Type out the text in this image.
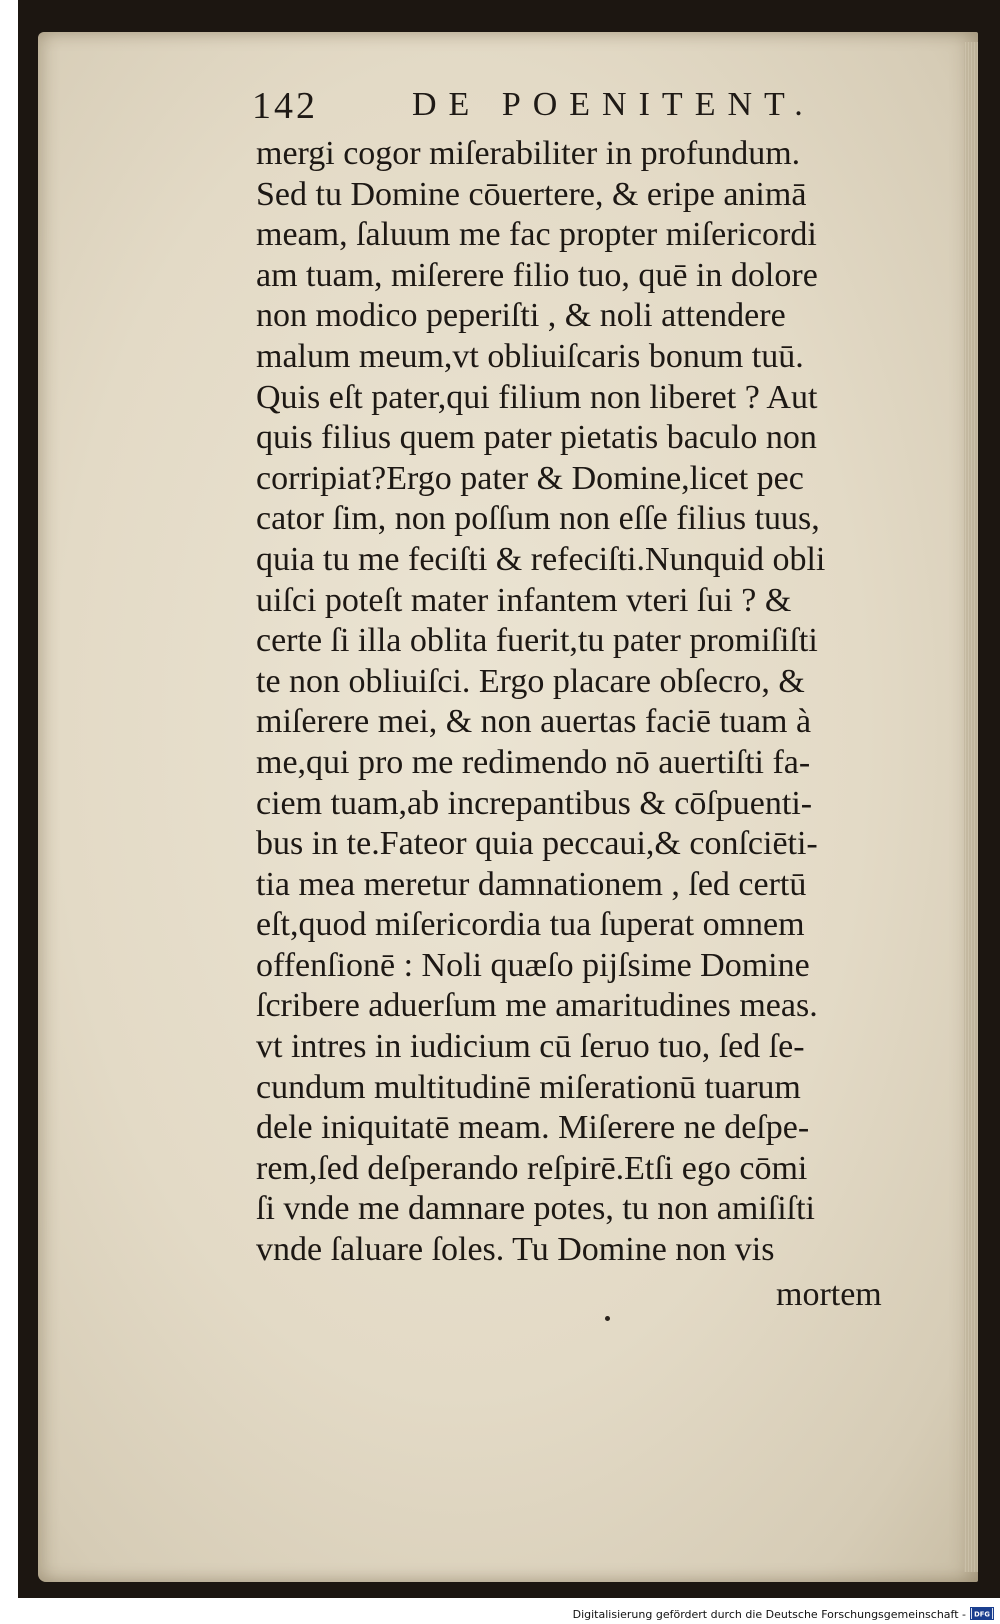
142	DE POENITENT.
mergi cogor miſerabiliter in profundum.
Sed tu Domine cōuertere, & eripe animā
meam, ſaluum me fac propter miſericordi
am tuam, miſerere filio tuo, quē in dolore
non modico peperiſti , & noli attendere
malum meum,vt obliuiſcaris bonum tuū.
Quis eſt pater,qui filium non liberet ? Aut
quis filius quem pater pietatis baculo non
corripiat?Ergo pater & Domine,licet pec
cator ſim, non poſſum non eſſe filius tuus,
quia tu me feciſti & refeciſti.Nunquid obli
uiſci poteſt mater infantem vteri ſui ? &
certe ſi illa oblita fuerit,tu pater promiſiſti
te non obliuiſci. Ergo placare obſecro, &
miſerere mei, & non auertas faciē tuam à
me,qui pro me redimendo nō auertiſti fa-
ciem tuam,ab increpantibus & cōſpuenti-
bus in te.Fateor quia peccaui,& conſciēti-
tia mea meretur damnationem , ſed certū
eſt,quod miſericordia tua ſuperat omnem
offenſionē : Noli quæſo pijſsime Domine
ſcribere aduerſum me amaritudines meas.
vt intres in iudicium cū ſeruo tuo, ſed ſe-
cundum multitudinē miſerationū tuarum
dele iniquitatē meam. Miſerere ne deſpe-
rem,ſed deſperando reſpirē.Etſi ego cōmi
ſi vnde me damnare potes, tu non amiſiſti
vnde ſaluare ſoles. Tu Domine non vis
mortem
Digitalisierung gefördert durch die Deutsche Forschungsgemeinschaft - DFG
